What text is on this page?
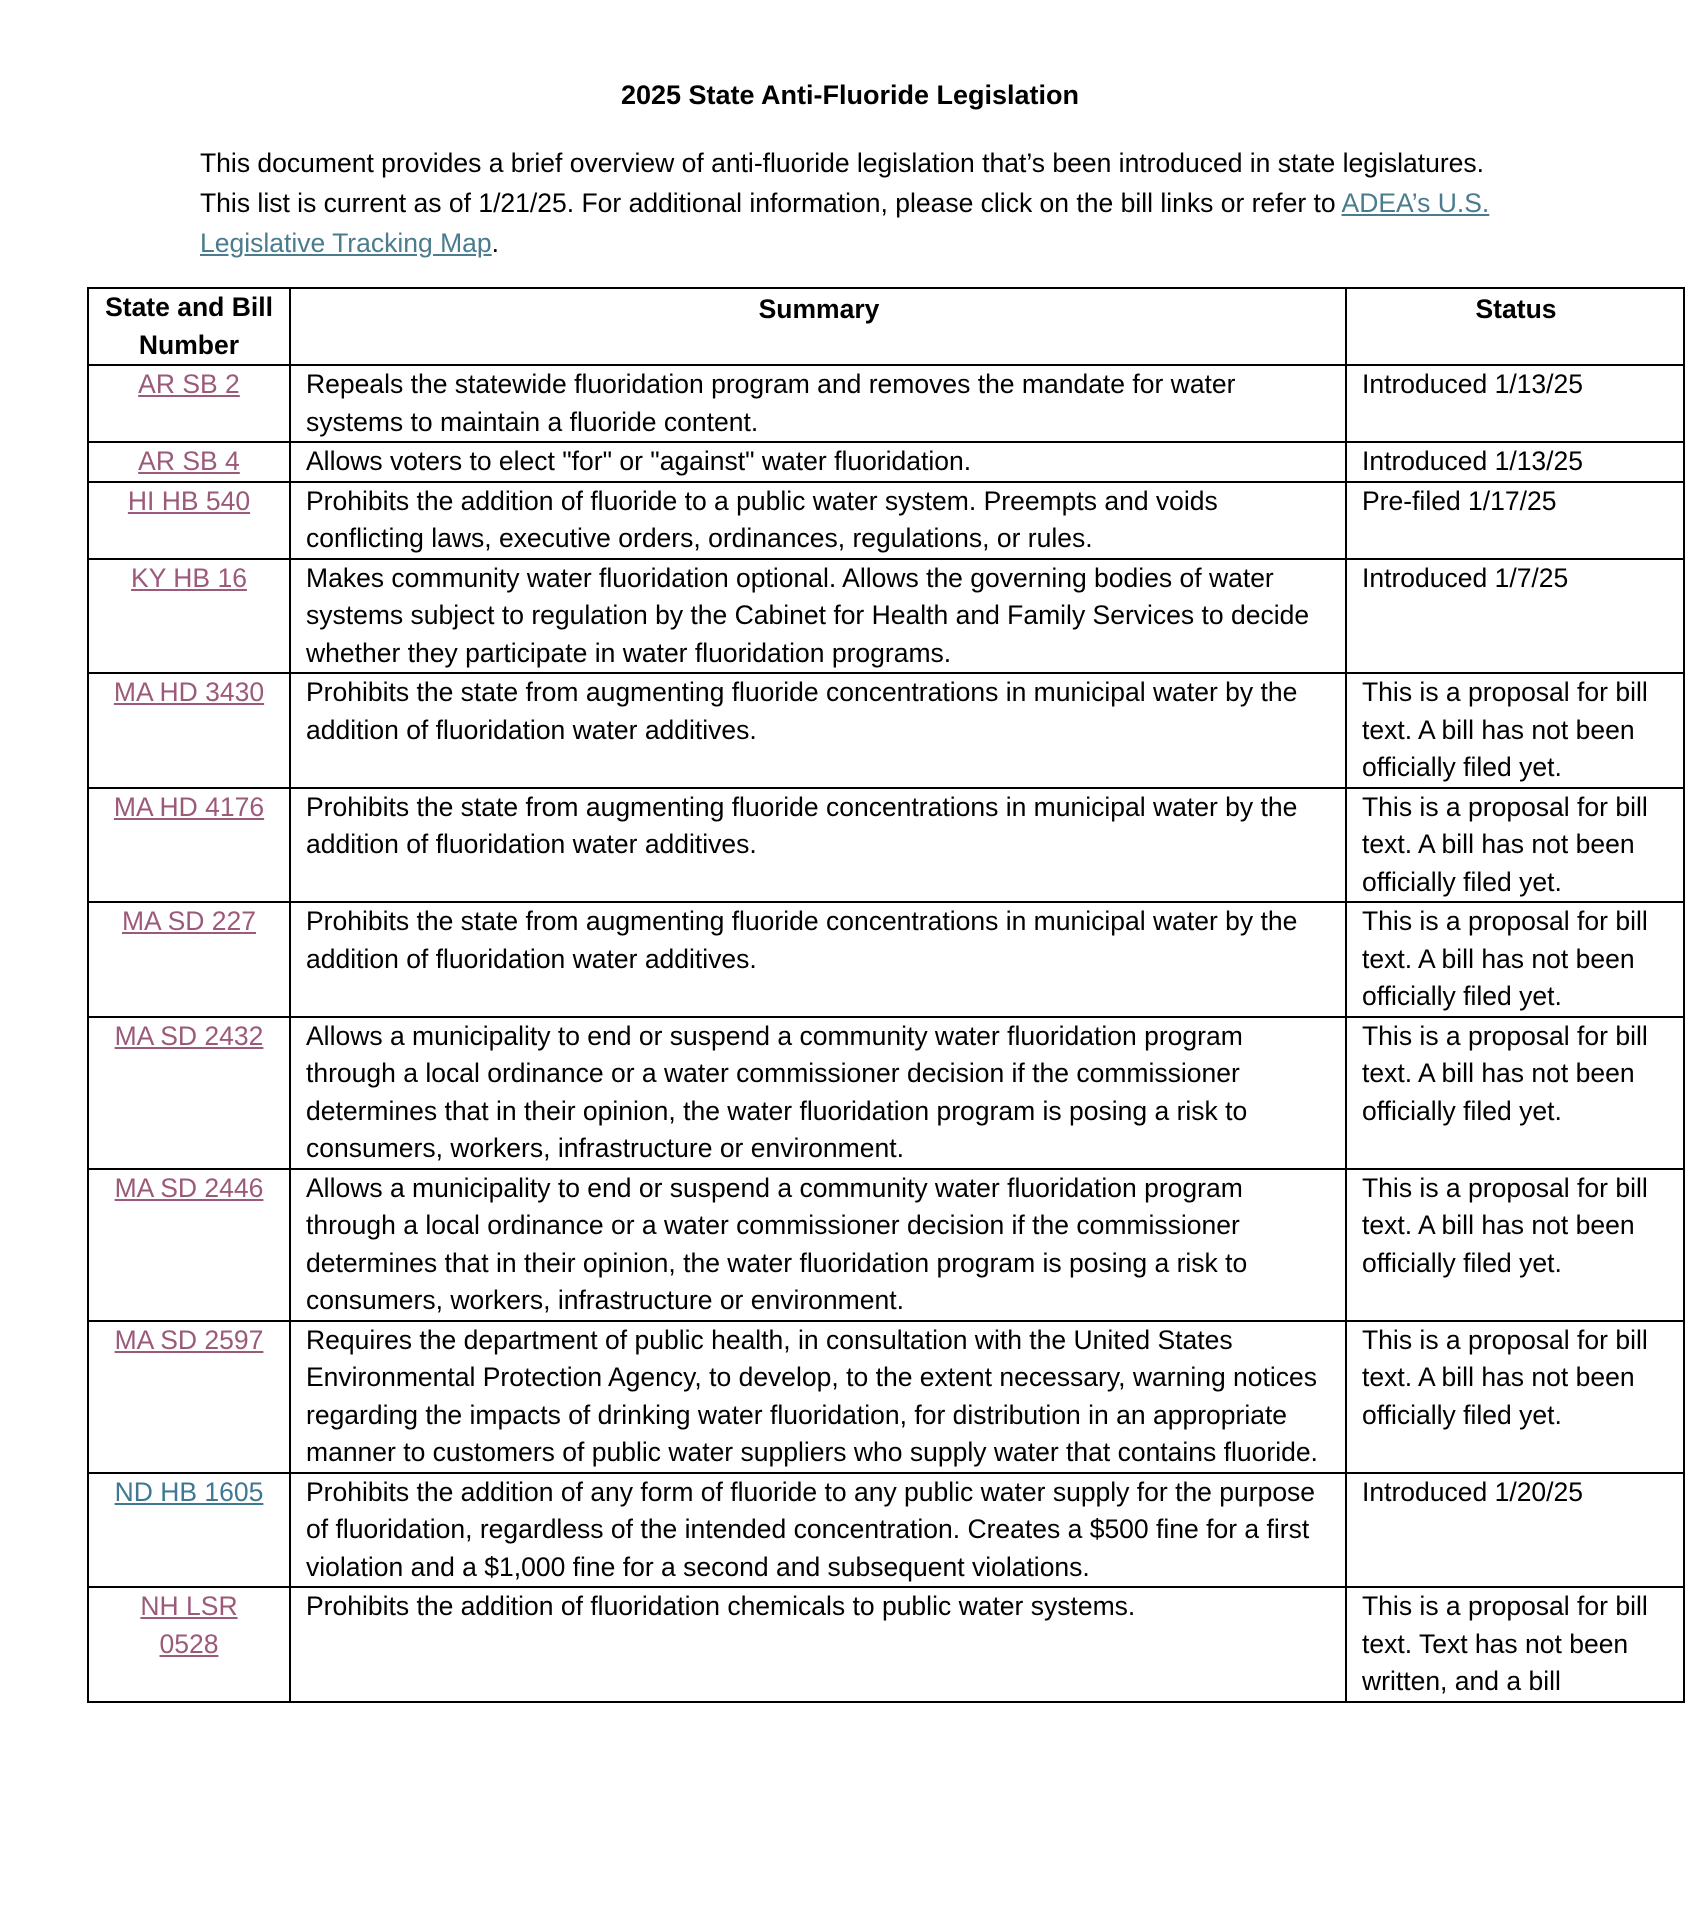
2025 State Anti-Fluoride Legislation
This document provides a brief overview of anti-fluoride legislation that’s been introduced in state legislatures. This list is current as of 1/21/25. For additional information, please click on the bill links or refer to ADEA’s U.S. Legislative Tracking Map.
State and Bill Number	Summary	Status
AR SB 2	Repeals the statewide fluoridation program and removes the mandate for water systems to maintain a fluoride content.	Introduced 1/13/25
AR SB 4	Allows voters to elect "for" or "against" water fluoridation.	Introduced 1/13/25
HI HB 540	Prohibits the addition of fluoride to a public water system. Preempts and voids conflicting laws, executive orders, ordinances, regulations, or rules.	Pre-filed 1/17/25
KY HB 16	Makes community water fluoridation optional. Allows the governing bodies of water systems subject to regulation by the Cabinet for Health and Family Services to decide whether they participate in water fluoridation programs.	Introduced 1/7/25
MA HD 3430	Prohibits the state from augmenting fluoride concentrations in municipal water by the addition of fluoridation water additives.	This is a proposal for bill text. A bill has not been officially filed yet.
MA HD 4176	Prohibits the state from augmenting fluoride concentrations in municipal water by the addition of fluoridation water additives.	This is a proposal for bill text. A bill has not been officially filed yet.
MA SD 227	Prohibits the state from augmenting fluoride concentrations in municipal water by the addition of fluoridation water additives.	This is a proposal for bill text. A bill has not been officially filed yet.
MA SD 2432	Allows a municipality to end or suspend a community water fluoridation program through a local ordinance or a water commissioner decision if the commissioner determines that in their opinion, the water fluoridation program is posing a risk to consumers, workers, infrastructure or environment.	This is a proposal for bill text. A bill has not been officially filed yet.
MA SD 2446	Allows a municipality to end or suspend a community water fluoridation program through a local ordinance or a water commissioner decision if the commissioner determines that in their opinion, the water fluoridation program is posing a risk to consumers, workers, infrastructure or environment.	This is a proposal for bill text. A bill has not been officially filed yet.
MA SD 2597	Requires the department of public health, in consultation with the United States Environmental Protection Agency, to develop, to the extent necessary, warning notices regarding the impacts of drinking water fluoridation, for distribution in an appropriate manner to customers of public water suppliers who supply water that contains fluoride.	This is a proposal for bill text. A bill has not been officially filed yet.
ND HB 1605	Prohibits the addition of any form of fluoride to any public water supply for the purpose of fluoridation, regardless of the intended concentration. Creates a $500 fine for a first violation and a $1,000 fine for a second and subsequent violations.	Introduced 1/20/25
NH LSR 0528	Prohibits the addition of fluoridation chemicals to public water systems.	This is a proposal for bill text. Text has not been written, and a bill
